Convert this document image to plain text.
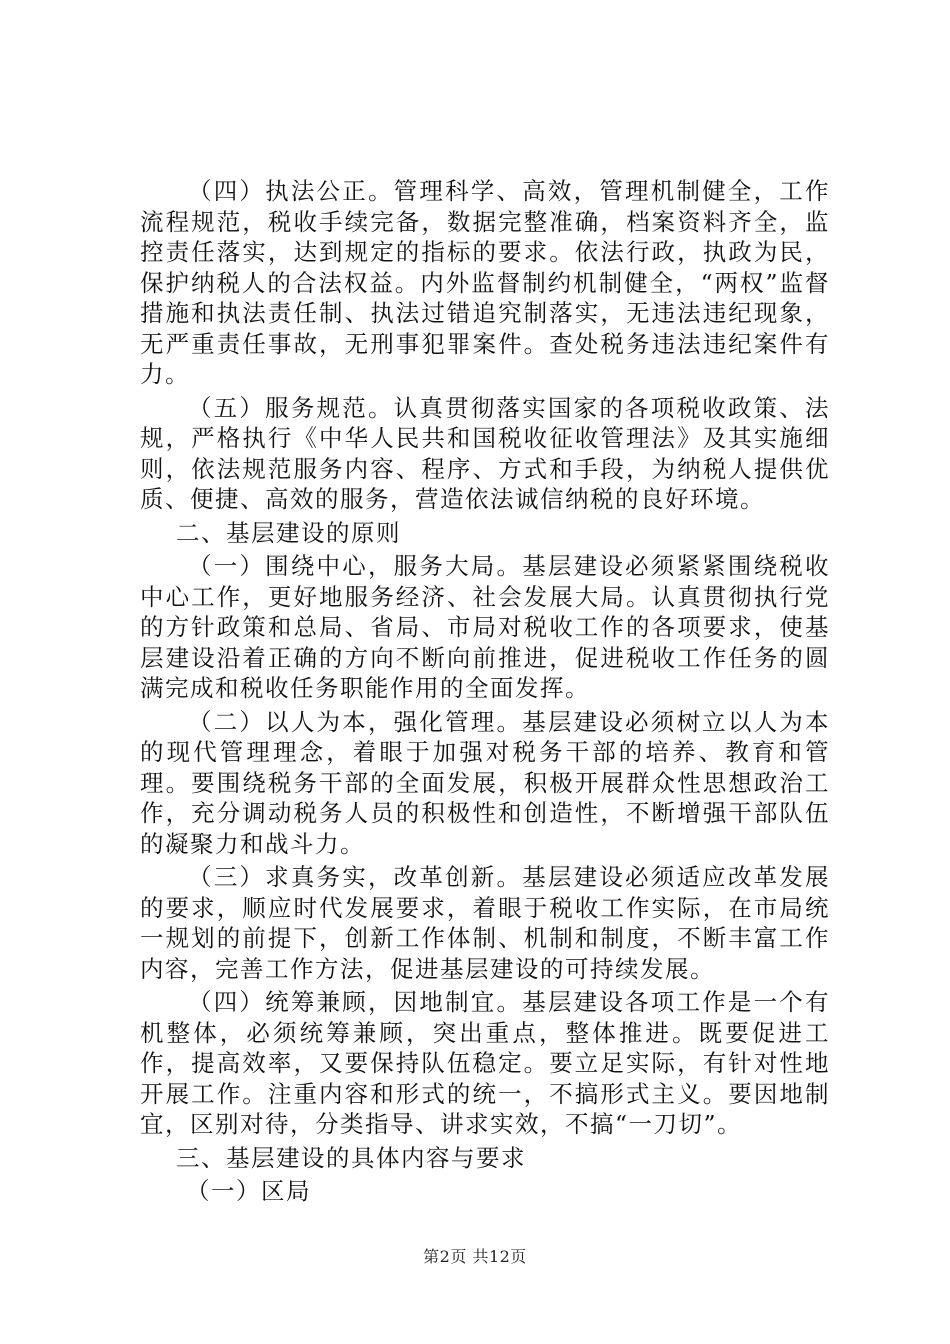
（四）执法公正。管理科学、高效，管理机制健全，工作流程规范，税收手续完备，数据完整准确，档案资料齐全，监控责任落实，达到规定的指标的要求。依法行政，执政为民，保护纳税人的合法权益。内外监督制约机制健全，“两权”监督措施和执法责任制、执法过错追究制落实，无违法违纪现象，无严重责任事故，无刑事犯罪案件。查处税务违法违纪案件有力。

（五）服务规范。认真贯彻落实国家的各项税收政策、法规，严格执行《中华人民共和国税收征收管理法》及其实施细则，依法规范服务内容、程序、方式和手段，为纳税人提供优质、便捷、高效的服务，营造依法诚信纳税的良好环境。

二、基层建设的原则

（一）围绕中心，服务大局。基层建设必须紧紧围绕税收中心工作，更好地服务经济、社会发展大局。认真贯彻执行党的方针政策和总局、省局、市局对税收工作的各项要求，使基层建设沿着正确的方向不断向前推进，促进税收工作任务的圆满完成和税收任务职能作用的全面发挥。

（二）以人为本，强化管理。基层建设必须树立以人为本的现代管理理念，着眼于加强对税务干部的培养、教育和管理。要围绕税务干部的全面发展，积极开展群众性思想政治工作，充分调动税务人员的积极性和创造性，不断增强干部队伍的凝聚力和战斗力。

（三）求真务实，改革创新。基层建设必须适应改革发展的要求，顺应时代发展要求，着眼于税收工作实际，在市局统一规划的前提下，创新工作体制、机制和制度，不断丰富工作内容，完善工作方法，促进基层建设的可持续发展。

（四）统筹兼顾，因地制宜。基层建设各项工作是一个有机整体，必须统筹兼顾，突出重点，整体推进。既要促进工作，提高效率，又要保持队伍稳定。要立足实际，有针对性地开展工作。注重内容和形式的统一，不搞形式主义。要因地制宜，区别对待，分类指导、讲求实效，不搞“一刀切”。

三、基层建设的具体内容与要求

（一）区局

第2页 共12页
